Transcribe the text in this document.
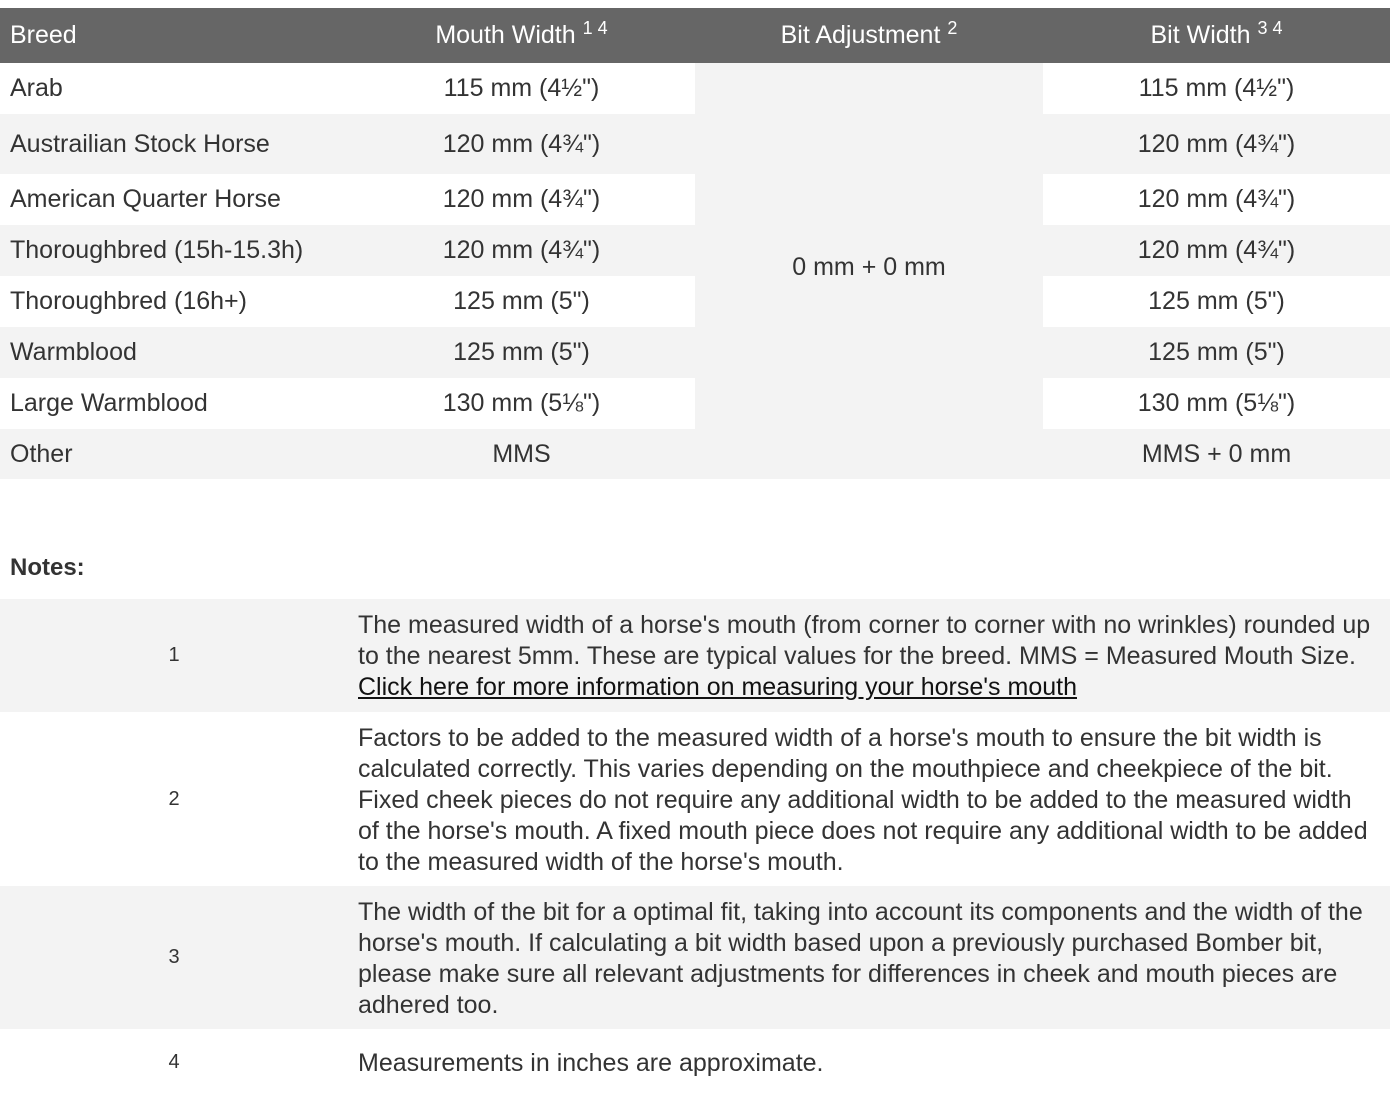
Breed	Mouth Width $^{1 4}$	Bit Adjustment $^2$	Bit Width $^{3 4}$
Arab	115 mm (4½")	0 mm + 0 mm	115 mm (4½")
Austrailian Stock Horse	120 mm (4¾")		120 mm (4¾")
American Quarter Horse	120 mm (4¾")		120 mm (4¾")
Thoroughbred (15h-15.3h)	120 mm (4¾")		120 mm (4¾")
Thoroughbred (16h+)	125 mm (5")		125 mm (5")
Warmblood	125 mm (5")		125 mm (5")
Large Warmblood	130 mm (5⅛")		130 mm (5⅛")
Other	MMS		MMS + 0 mm
Notes:
1	The measured width of a horse's mouth (from corner to corner with no wrinkles) rounded up to the nearest 5mm. These are typical values for the breed. MMS = Measured Mouth Size. Click here for more information on measuring your horse's mouth
2	Factors to be added to the measured width of a horse's mouth to ensure the bit width is calculated correctly. This varies depending on the mouthpiece and cheekpiece of the bit. Fixed cheek pieces do not require any additional width to be added to the measured width of the horse's mouth. A fixed mouth piece does not require any additional width to be added to the measured width of the horse's mouth.
3	The width of the bit for a optimal fit, taking into account its components and the width of the horse's mouth. If calculating a bit width based upon a previously purchased Bomber bit, please make sure all relevant adjustments for differences in cheek and mouth pieces are adhered too.
4	Measurements in inches are approximate.
